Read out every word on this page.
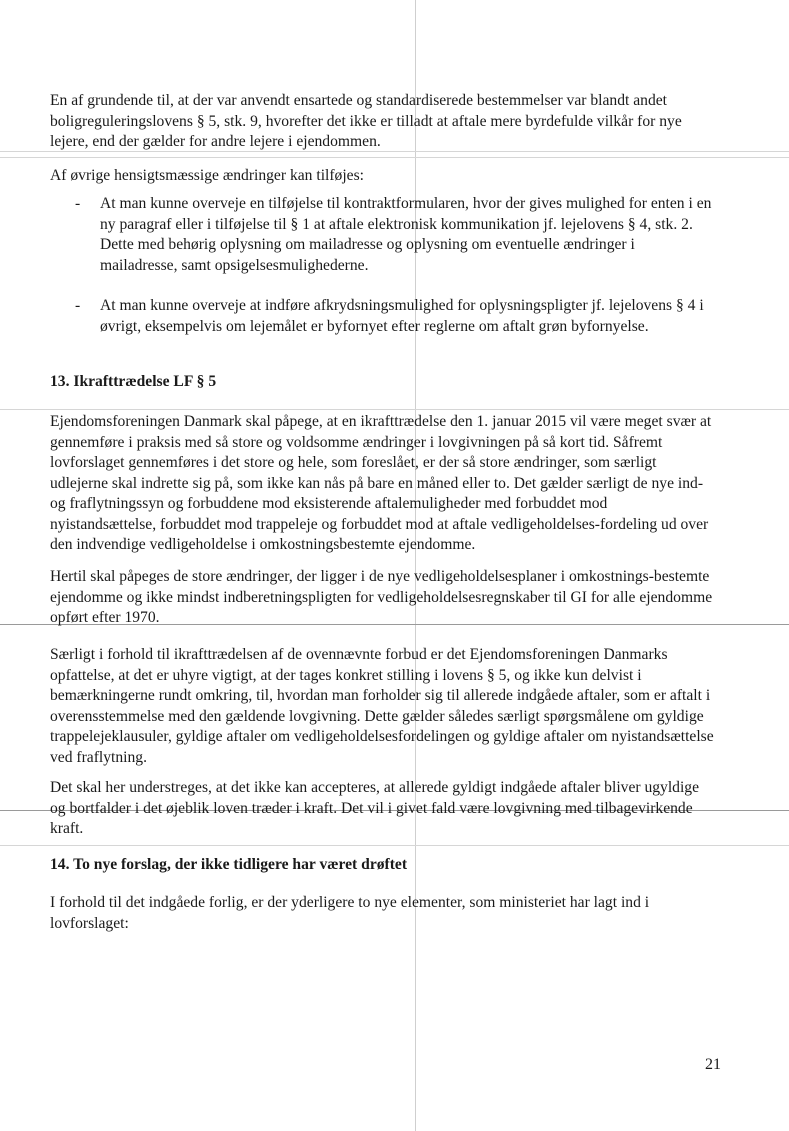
En af grundende til, at der var anvendt ensartede og standardiserede bestemmelser var blandt andet boligreguleringslovens § 5, stk. 9, hvorefter det ikke er tilladt at aftale mere byrdefulde vilkår for nye lejere, end der gælder for andre lejere i ejendommen.

Af øvrige hensigtsmæssige ændringer kan tilføjes:

- At man kunne overveje en tilføjelse til kontraktformularen, hvor der gives mulighed for enten i en ny paragraf eller i tilføjelse til § 1 at aftale elektronisk kommunikation jf. lejelovens § 4, stk. 2. Dette med behørig oplysning om mailadresse og oplysning om eventuelle ændringer i mailadresse, samt opsigelsesmulighederne.
- At man kunne overveje at indføre afkrydsningsmulighed for oplysningspligter jf. lejelovens § 4 i øvrigt, eksempelvis om lejemålet er byfornyet efter reglerne om aftalt grøn byfornyelse.
13. Ikrafttrædelse LF § 5

Ejendomsforeningen Danmark skal påpege, at en ikrafttrædelse den 1. januar 2015 vil være meget svær at gennemføre i praksis med så store og voldsomme ændringer i lovgivningen på så kort tid. Såfremt lovforslaget gennemføres i det store og hele, som foreslået, er der så store ændringer, som særligt udlejerne skal indrette sig på, som ikke kan nås på bare en måned eller to. Det gælder særligt de nye ind- og fraflytningssyn og forbuddene mod eksisterende aftalemuligheder med forbuddet mod nyistandsættelse, forbuddet mod trappeleje og forbuddet mod at aftale vedligeholdelses-fordeling ud over den indvendige vedligeholdelse i omkostningsbestemte ejendomme.

Hertil skal påpeges de store ændringer, der ligger i de nye vedligeholdelsesplaner i omkostnings-bestemte ejendomme og ikke mindst indberetningspligten for vedligeholdelsesregnskaber til GI for alle ejendomme opført efter 1970.

Særligt i forhold til ikrafttrædelsen af de ovennævnte forbud er det Ejendomsforeningen Danmarks opfattelse, at det er uhyre vigtigt, at der tages konkret stilling i lovens § 5, og ikke kun delvist i bemærkningerne rundt omkring, til, hvordan man forholder sig til allerede indgåede aftaler, som er aftalt i overensstemmelse med den gældende lovgivning. Dette gælder således særligt spørgsmålene om gyldige trappelejeklausuler, gyldige aftaler om vedligeholdelsesfordelingen og gyldige aftaler om nyistandsættelse ved fraflytning.

Det skal her understreges, at det ikke kan accepteres, at allerede gyldigt indgåede aftaler bliver ugyldige og bortfalder i det øjeblik loven træder i kraft. Det vil i givet fald være lovgivning med tilbagevirkende kraft.

14. To nye forslag, der ikke tidligere har været drøftet

I forhold til det indgåede forlig, er der yderligere to nye elementer, som ministeriet har lagt ind i lovforslaget:

21
